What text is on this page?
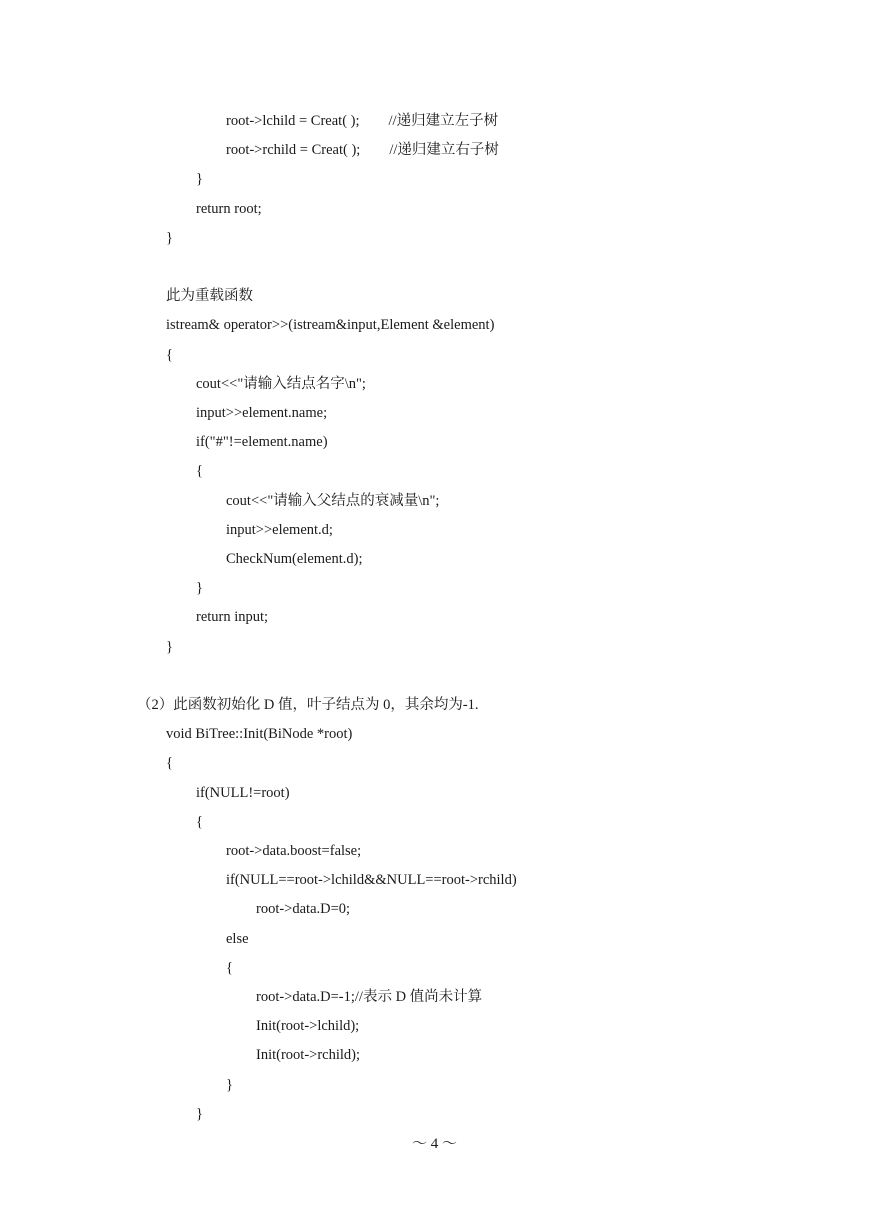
root->lchild = Creat( );        //递归建立左子树
root->rchild = Creat( );        //递归建立右子树
}
return root;
}
此为重载函数
istream& operator>>(istream&input,Element &element)
{
cout<<"请输入结点名字\n";
input>>element.name;
if("#"!=element.name)
{
cout<<"请输入父结点的衰减量\n";
input>>element.d;
CheckNum(element.d);
}
return input;
}
（2）此函数初始化 D 值，叶子结点为 0，其余均为-1.
void BiTree::Init(BiNode *root)
{
if(NULL!=root)
{
root->data.boost=false;
if(NULL==root->lchild&&NULL==root->rchild)
root->data.D=0;
else
{
root->data.D=-1;//表示 D 值尚未计算
Init(root->lchild);
Init(root->rchild);
}
}
～ 4 ～
